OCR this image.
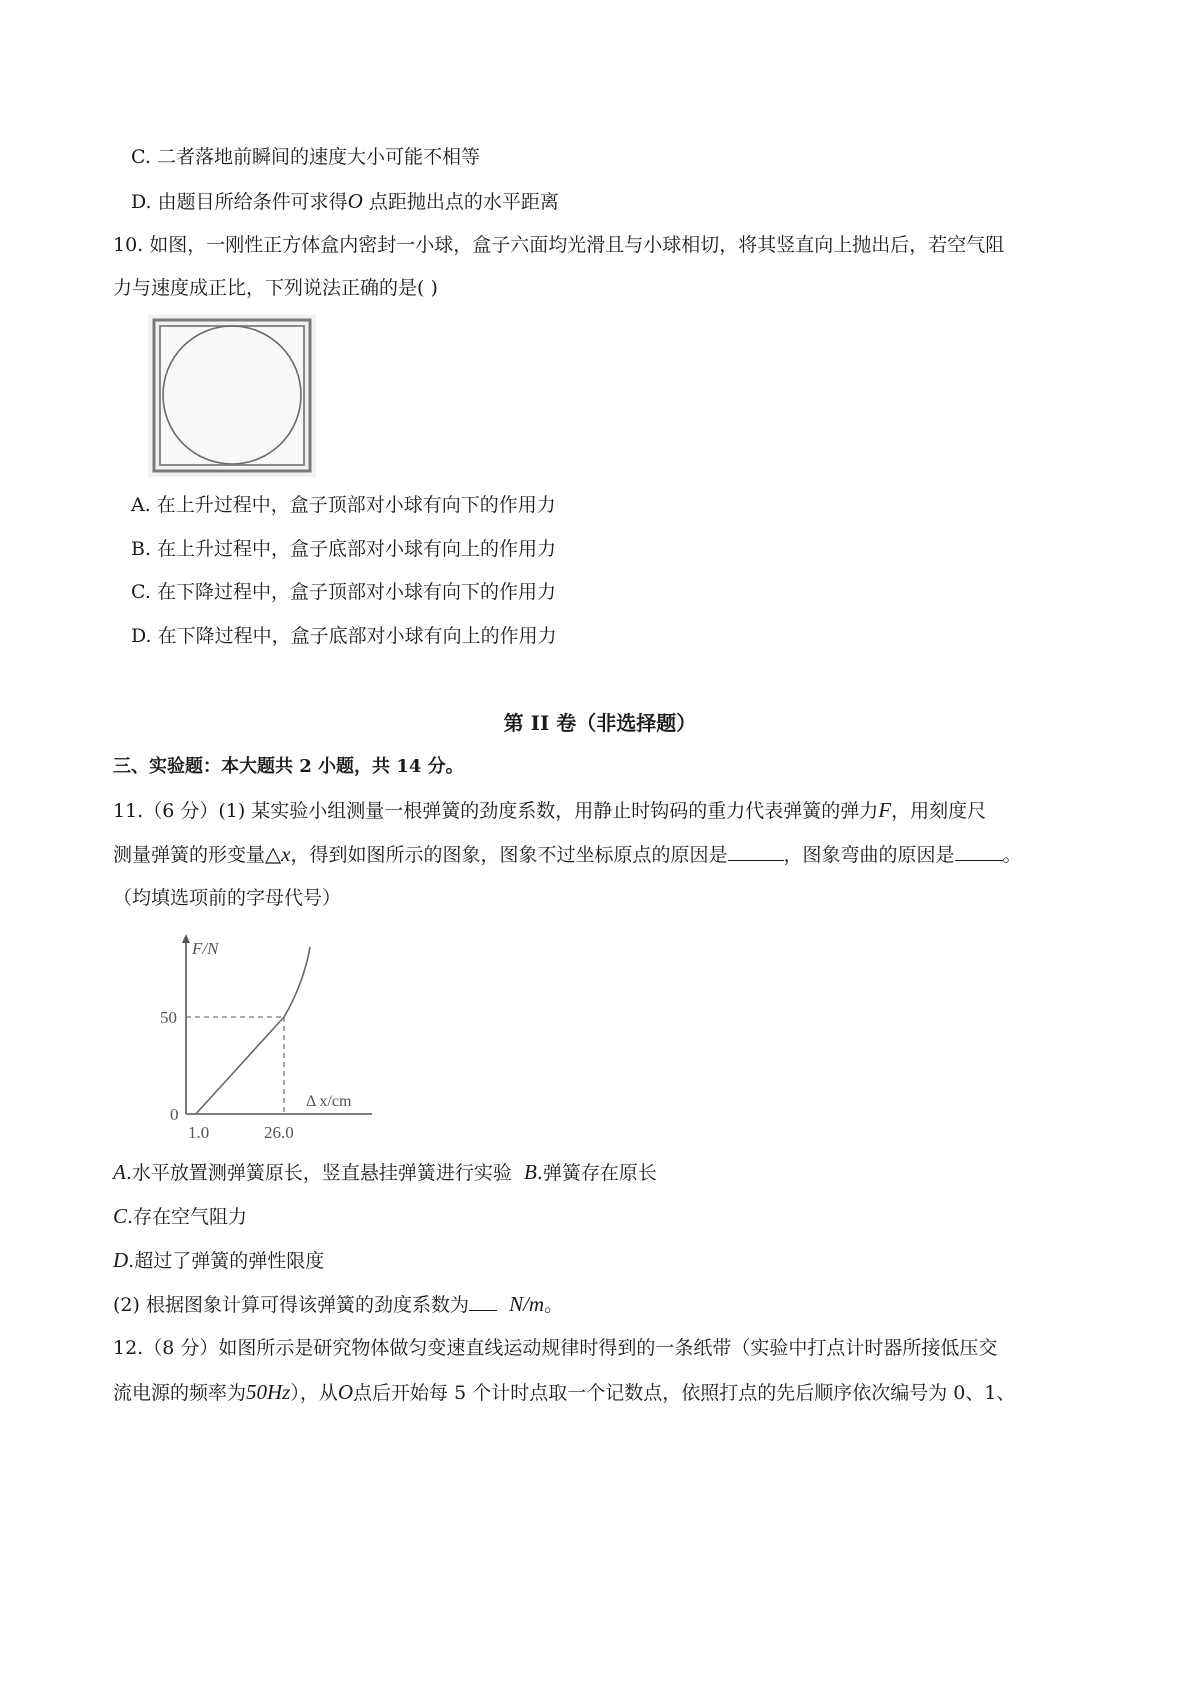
C. 二者落地前瞬间的速度大小可能不相等
D. 由题目所给条件可求得O 点距抛出点的水平距离
10. 如图，一刚性正方体盒内密封一小球，盒子六面均光滑且与小球相切，将其竖直向上抛出后，若空气阻
力与速度成正比，下列说法正确的是( )
A. 在上升过程中，盒子顶部对小球有向下的作用力
B. 在上升过程中，盒子底部对小球有向上的作用力
C. 在下降过程中，盒子顶部对小球有向下的作用力
D. 在下降过程中，盒子底部对小球有向上的作用力
第 II 卷（非选择题）
三、实验题：本大题共 2 小题，共 14 分。
11.（6 分）(1) 某实验小组测量一根弹簧的劲度系数，用静止时钩码的重力代表弹簧的弹力F，用刻度尺
测量弹簧的形变量△x，得到如图所示的图象，图象不过坐标原点的原因是	，图象弯曲的原因是	。
（均填选项前的字母代号）
F/N
Δ x/cm
50
0
1.0	26.0
A.水平放置测弹簧原长，竖直悬挂弹簧进行实验 B.弹簧存在原长
C.存在空气阻力
D.超过了弹簧的弹性限度
(2) 根据图象计算可得该弹簧的劲度系数为 N/m。
12.（8 分）如图所示是研究物体做匀变速直线运动规律时得到的一条纸带（实验中打点计时器所接低压交
流电源的频率为50Hz），从O点后开始每 5 个计时点取一个记数点，依照打点的先后顺序依次编号为 0、1、
